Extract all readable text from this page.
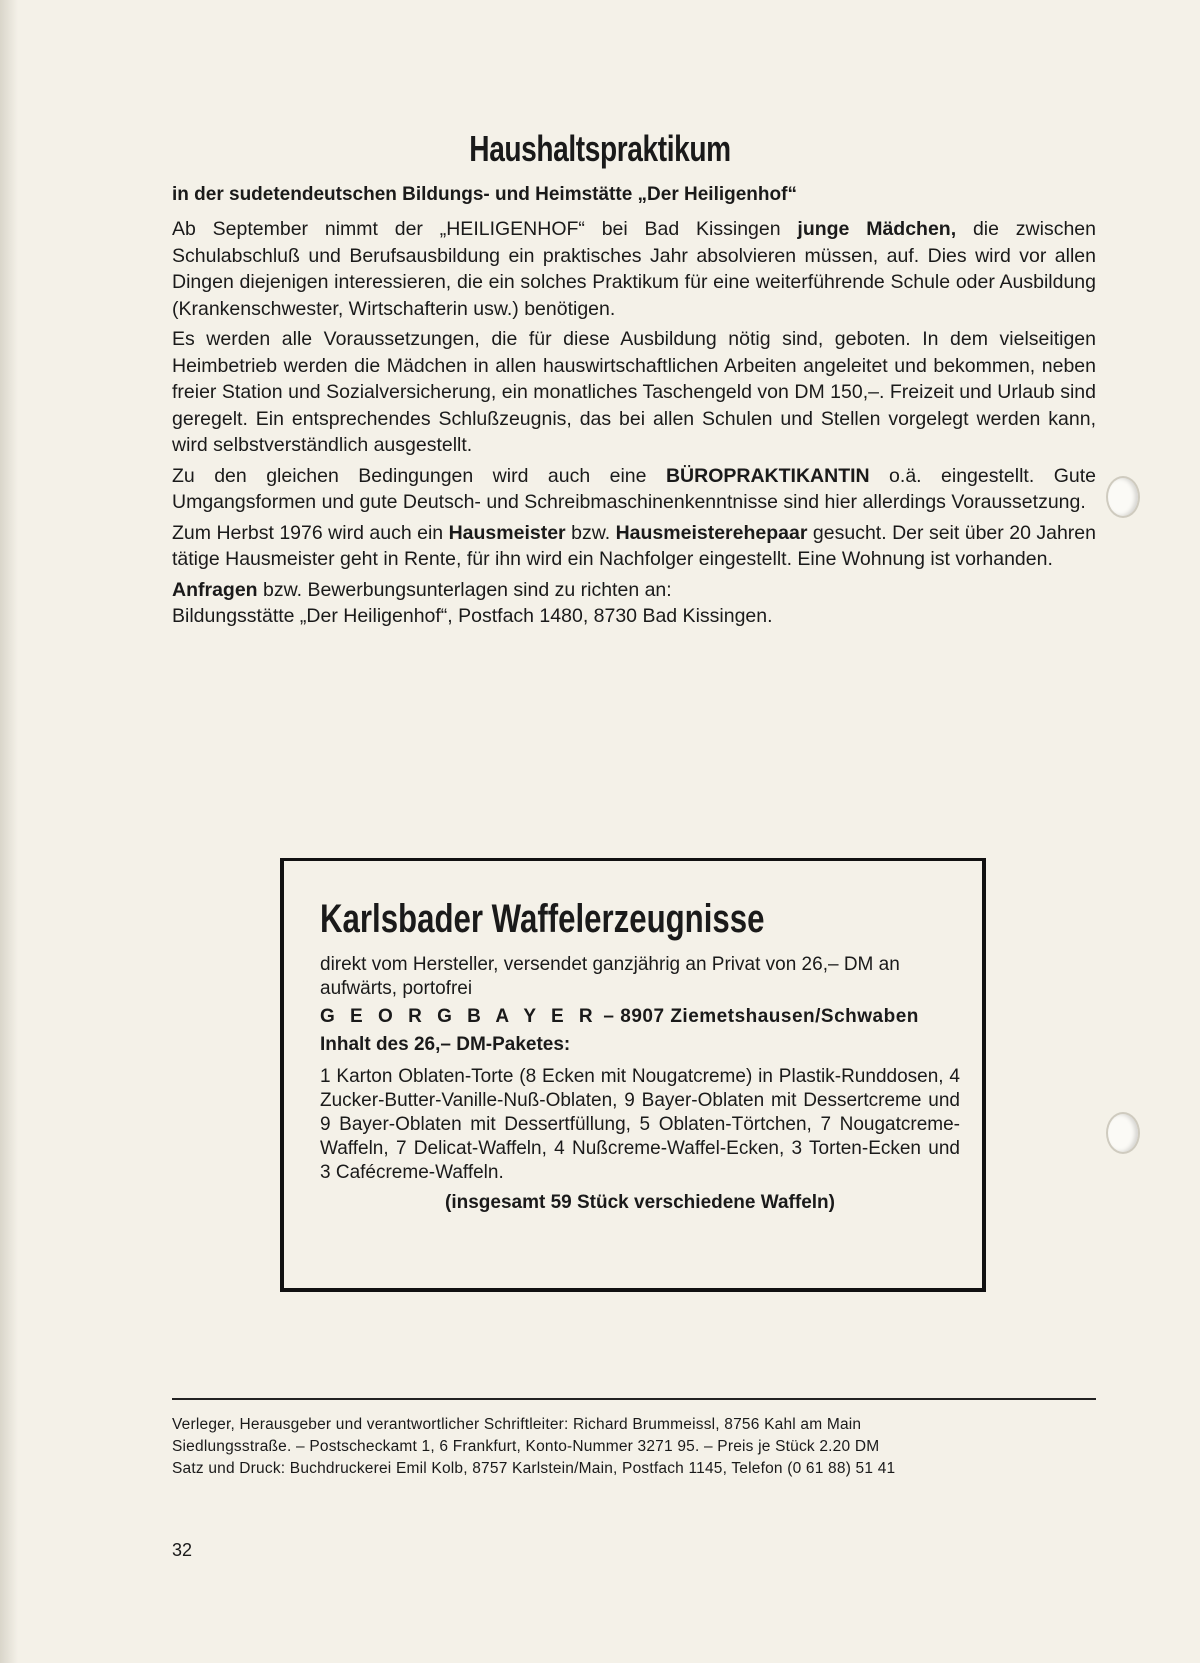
Haushaltspraktikum
in der sudetendeutschen Bildungs- und Heimstätte „Der Heiligenhof“

Ab September nimmt der „HEILIGENHOF“ bei Bad Kissingen junge Mädchen, die zwischen Schulabschluß und Berufsausbildung ein praktisches Jahr absolvieren müssen, auf. Dies wird vor allen Dingen diejenigen interessieren, die ein solches Praktikum für eine weiterführende Schule oder Ausbildung (Krankenschwester, Wirtschafterin usw.) benötigen.

Es werden alle Voraussetzungen, die für diese Ausbildung nötig sind, geboten. In dem vielseitigen Heimbetrieb werden die Mädchen in allen hauswirtschaftlichen Arbeiten angeleitet und bekommen, neben freier Station und Sozialversicherung, ein monatliches Taschengeld von DM 150,–. Freizeit und Urlaub sind geregelt. Ein entsprechendes Schlußzeugnis, das bei allen Schulen und Stellen vorgelegt werden kann, wird selbstverständlich ausgestellt.

Zu den gleichen Bedingungen wird auch eine BÜROPRAKTIKANTIN o.ä. eingestellt. Gute Umgangsformen und gute Deutsch- und Schreibmaschinenkenntnisse sind hier allerdings Voraussetzung.

Zum Herbst 1976 wird auch ein Hausmeister bzw. Hausmeisterehepaar gesucht. Der seit über 20 Jahren tätige Hausmeister geht in Rente, für ihn wird ein Nachfolger eingestellt. Eine Wohnung ist vorhanden.

Anfragen bzw. Bewerbungsunterlagen sind zu richten an:

Bildungsstätte „Der Heiligenhof“, Postfach 1480, 8730 Bad Kissingen.

Karlsbader Waffelerzeugnisse

direkt vom Hersteller, versendet ganzjährig an Privat von 26,– DM an aufwärts, portofrei

G E O R G B A Y E R – 8907 Ziemetshausen/Schwaben

Inhalt des 26,– DM-Paketes:

1 Karton Oblaten-Torte (8 Ecken mit Nougatcreme) in Plastik-Runddosen, 4 Zucker-Butter-Vanille-Nuß-Oblaten, 9 Bayer-Oblaten mit Dessertcreme und 9 Bayer-Oblaten mit Dessertfüllung, 5 Oblaten-Törtchen, 7 Nougatcreme-Waffeln, 7 Delicat-Waffeln, 4 Nußcreme-Waffel-Ecken, 3 Torten-Ecken und 3 Cafécreme-Waffeln.

(insgesamt 59 Stück verschiedene Waffeln)

Verleger, Herausgeber und verantwortlicher Schriftleiter: Richard Brummeissl, 8756 Kahl am Main

Siedlungsstraße. – Postscheckamt 1, 6 Frankfurt, Konto-Nummer 3271 95. – Preis je Stück 2.20 DM

Satz und Druck: Buchdruckerei Emil Kolb, 8757 Karlstein/Main, Postfach 1145, Telefon (0 61 88) 51 41

32
